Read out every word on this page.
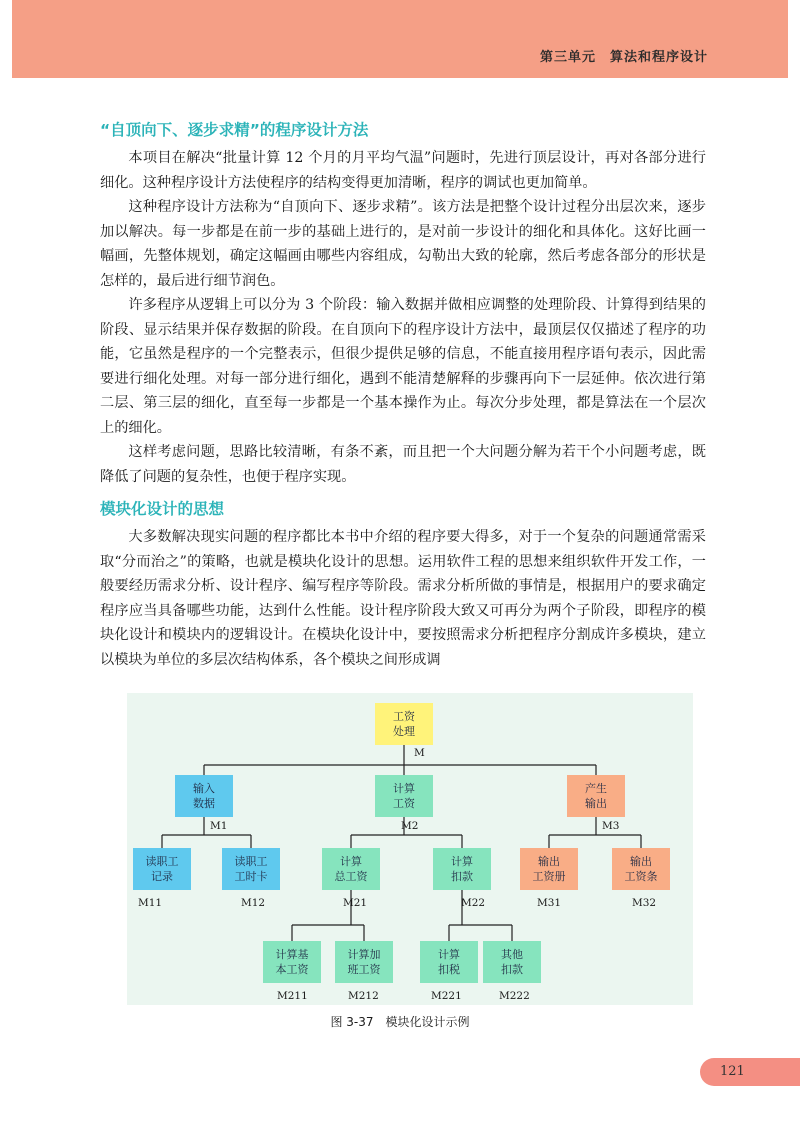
第三单元　算法和程序设计
“自顶向下、逐步求精”的程序设计方法

本项目在解决“批量计算 12 个月的月平均气温”问题时，先进行顶层设计，再对各部分进行细化。这种程序设计方法使程序的结构变得更加清晰，程序的调试也更加简单。

这种程序设计方法称为“自顶向下、逐步求精”。该方法是把整个设计过程分出层次来，逐步加以解决。每一步都是在前一步的基础上进行的，是对前一步设计的细化和具体化。这好比画一幅画，先整体规划，确定这幅画由哪些内容组成，勾勒出大致的轮廓，然后考虑各部分的形状是怎样的，最后进行细节润色。

许多程序从逻辑上可以分为 3 个阶段：输入数据并做相应调整的处理阶段、计算得到结果的阶段、显示结果并保存数据的阶段。在自顶向下的程序设计方法中，最顶层仅仅描述了程序的功能，它虽然是程序的一个完整表示，但很少提供足够的信息，不能直接用程序语句表示，因此需要进行细化处理。对每一部分进行细化，遇到不能清楚解释的步骤再向下一层延伸。依次进行第二层、第三层的细化，直至每一步都是一个基本操作为止。每次分步处理，都是算法在一个层次上的细化。

这样考虑问题，思路比较清晰，有条不紊，而且把一个大问题分解为若干个小问题考虑，既降低了问题的复杂性，也便于程序实现。

模块化设计的思想

大多数解决现实问题的程序都比本书中介绍的程序要大得多，对于一个复杂的问题通常需采取“分而治之”的策略，也就是模块化设计的思想。运用软件工程的思想来组织软件开发工作，一般要经历需求分析、设计程序、编写程序等阶段。需求分析所做的事情是，根据用户的要求确定程序应当具备哪些功能，达到什么性能。设计程序阶段大致又可再分为两个子阶段，即程序的模块化设计和模块内的逻辑设计。在模块化设计中，要按照需求分析把程序分割成许多模块，建立以模块为单位的多层次结构体系，各个模块之间形成调

工资
处理
M
输入
数据
M1
计算
工资
M2
产生
输出
M3
读职工
记录
M11
读职工
工时卡
M12
计算
总工资
M21
计算
扣款
M22
输出
工资册
M31
输出
工资条
M32
计算基
本工资
M211
计算加
班工资
M212
计算
扣税
M221
其他
扣款
M222
图 3-37　模块化设计示例
121
